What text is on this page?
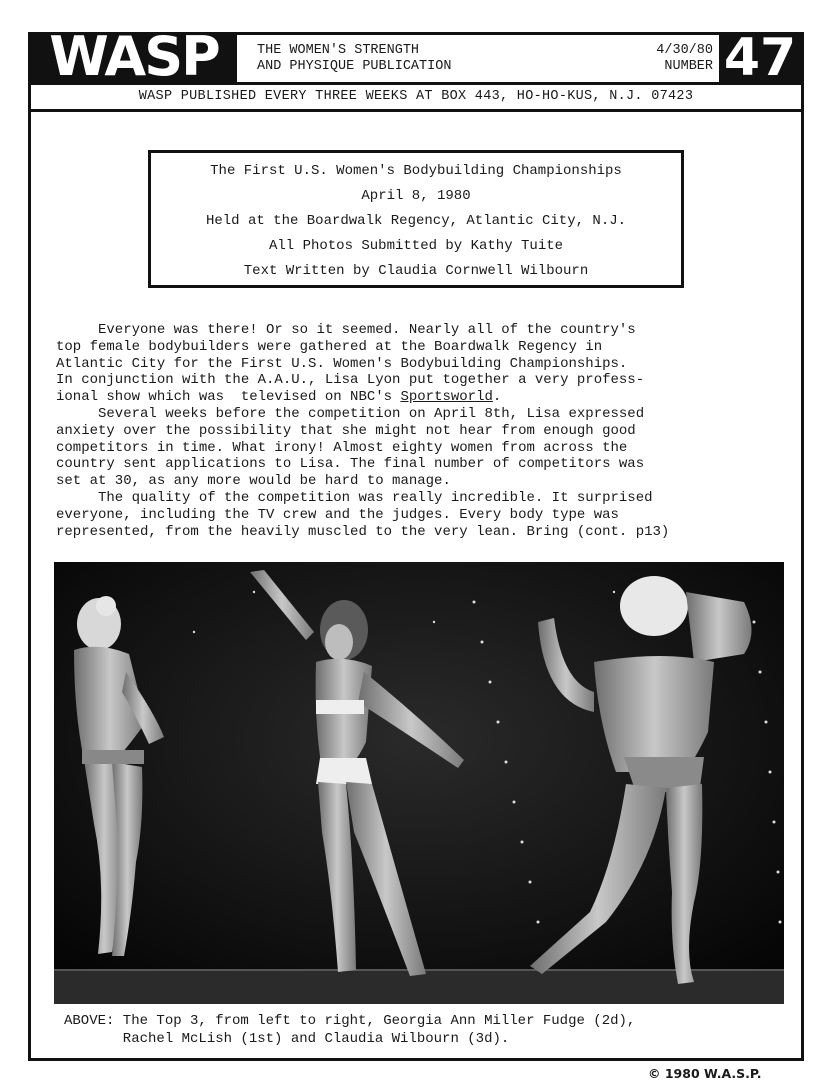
WASP	THE WOMEN'S STRENGTH
AND PHYSIQUE PUBLICATION
4/30/80
NUMBER 47
WASP PUBLISHED EVERY THREE WEEKS AT BOX 443, HO-HO-KUS, N.J. 07423
The First U.S. Women's Bodybuilding Championships
April 8, 1980
Held at the Boardwalk Regency, Atlantic City, N.J.
All Photos Submitted by Kathy Tuite
Text Written by Claudia Cornwell Wilbourn
Everyone was there! Or so it seemed. Nearly all of the country's
top female bodybuilders were gathered at the Boardwalk Regency in
Atlantic City for the First U.S. Women's Bodybuilding Championships.
In conjunction with the A.A.U., Lisa Lyon put together a very profess-
ional show which was  televised on NBC's Sportsworld.
Several weeks before the competition on April 8th, Lisa expressed
anxiety over the possibility that she might not hear from enough good
competitors in time. What irony! Almost eighty women from across the
country sent applications to Lisa. The final number of competitors was
set at 30, as any more would be hard to manage.
The quality of the competition was really incredible. It surprised
everyone, including the TV crew and the judges. Every body type was
represented, from the heavily muscled to the very lean. Bring (cont. p13)
ABOVE: The Top 3, from left to right, Georgia Ann Miller Fudge (2d),
Rachel McLish (1st) and Claudia Wilbourn (3d).
© 1980 W.A.S.P.
